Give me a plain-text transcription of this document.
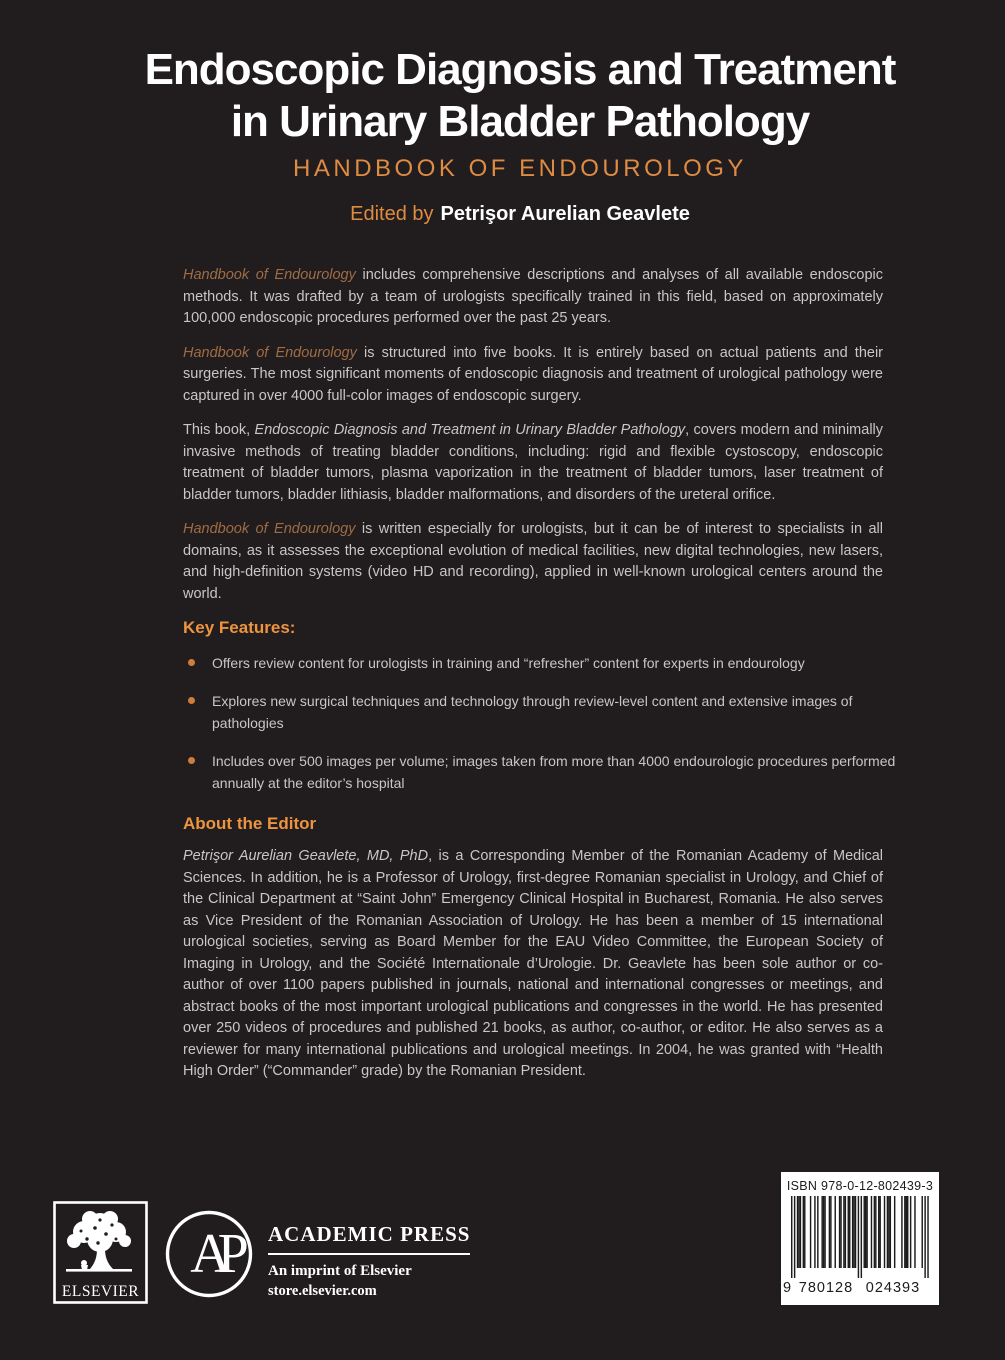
Endoscopic Diagnosis and Treatment
in Urinary Bladder Pathology
HANDBOOK OF ENDOUROLOGY
Edited by Petrişor Aurelian Geavlete

Handbook of Endourology includes comprehensive descriptions and analyses of all available endoscopic methods. It was drafted by a team of urologists specifically trained in this field, based on approximately 100,000 endoscopic procedures performed over the past 25 years.

Handbook of Endourology is structured into five books. It is entirely based on actual patients and their surgeries. The most significant moments of endoscopic diagnosis and treatment of urological pathology were captured in over 4000 full-color images of endoscopic surgery.

This book, Endoscopic Diagnosis and Treatment in Urinary Bladder Pathology, covers modern and minimally invasive methods of treating bladder conditions, including: rigid and flexible cystoscopy, endoscopic treatment of bladder tumors, plasma vaporization in the treatment of bladder tumors, laser treatment of bladder tumors, bladder lithiasis, bladder malformations, and disorders of the ureteral orifice.

Handbook of Endourology is written especially for urologists, but it can be of interest to specialists in all domains, as it assesses the exceptional evolution of medical facilities, new digital technologies, new lasers, and high-definition systems (video HD and recording), applied in well-known urological centers around the world.

Key Features:
Offers review content for urologists in training and “refresher” content for experts in endourology
Explores new surgical techniques and technology through review-level content and extensive images of pathologies
Includes over 500 images per volume; images taken from more than 4000 endourologic procedures performed annually at the editor’s hospital
About the Editor

Petrişor Aurelian Geavlete, MD, PhD, is a Corresponding Member of the Romanian Academy of Medical Sciences. In addition, he is a Professor of Urology, first-degree Romanian specialist in Urology, and Chief of the Clinical Department at “Saint John” Emergency Clinical Hospital in Bucharest, Romania. He also serves as Vice President of the Romanian Association of Urology. He has been a member of 15 international urological societies, serving as Board Member for the EAU Video Committee, the European Society of Imaging in Urology, and the Société Internationale d’Urologie. Dr. Geavlete has been sole author or co-author of over 1100 papers published in journals, national and international congresses or meetings, and abstract books of the most important urological publications and congresses in the world. He has presented over 250 videos of procedures and published 21 books, as author, co-author, or editor. He also serves as a reviewer for many international publications and urological meetings. In 2004, he was granted with “Health High Order” (“Commander” grade) by the Romanian President.

ELSEVIER
AP	ACADEMIC PRESS
An imprint of Elsevier
store.elsevier.com
ISBN 978-0-12-802439-3
9 780128 024393
